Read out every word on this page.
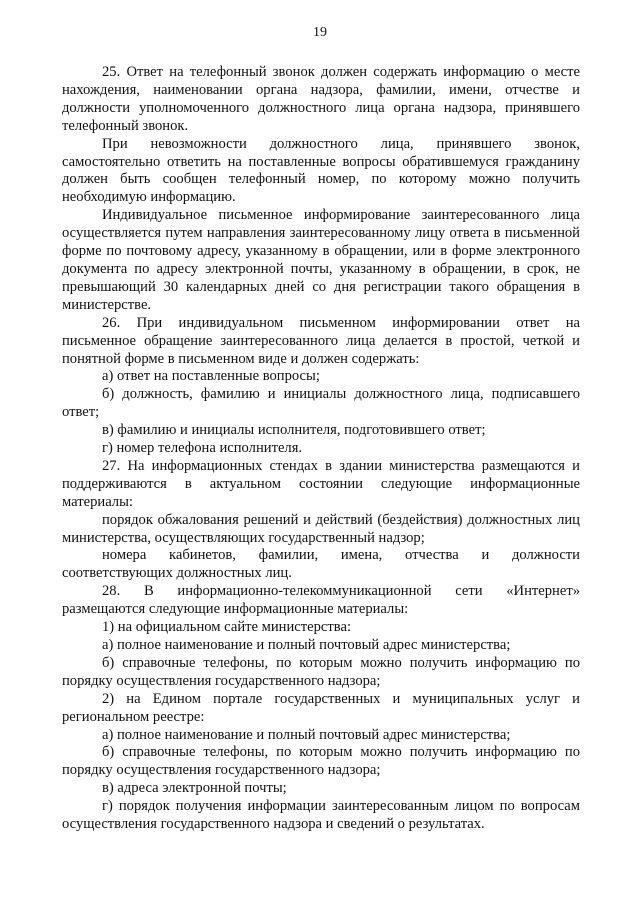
19

25. Ответ на телефонный звонок должен содержать информацию о месте нахождения, наименовании органа надзора, фамилии, имени, отчестве и должности уполномоченного должностного лица органа надзора, принявшего телефонный звонок.

При невозможности должностного лица, принявшего звонок, самостоятельно ответить на поставленные вопросы обратившемуся гражданину должен быть сообщен телефонный номер, по которому можно получить необходимую информацию.

Индивидуальное письменное информирование заинтересованного лица осуществляется путем направления заинтересованному лицу ответа в письменной форме по почтовому адресу, указанному в обращении, или в форме электронного документа по адресу электронной почты, указанному в обращении, в срок, не превышающий 30 календарных дней со дня регистрации такого обращения в министерстве.

26. При индивидуальном письменном информировании ответ на письменное обращение заинтересованного лица делается в простой, четкой и понятной форме в письменном виде и должен содержать:

а) ответ на поставленные вопросы;

б) должность, фамилию и инициалы должностного лица, подписавшего ответ;

в) фамилию и инициалы исполнителя, подготовившего ответ;

г) номер телефона исполнителя.

27. На информационных стендах в здании министерства размещаются и поддерживаются в актуальном состоянии следующие информационные материалы:

порядок обжалования решений и действий (бездействия) должностных лиц министерства, осуществляющих государственный надзор;

номера кабинетов, фамилии, имена, отчества и должности соответствующих должностных лиц.

28. В информационно-телекоммуникационной сети «Интернет» размещаются следующие информационные материалы:

1) на официальном сайте министерства:

а) полное наименование и полный почтовый адрес министерства;

б) справочные телефоны, по которым можно получить информацию по порядку осуществления государственного надзора;

2) на Едином портале государственных и муниципальных услуг и региональном реестре:

а) полное наименование и полный почтовый адрес министерства;

б) справочные телефоны, по которым можно получить информацию по порядку осуществления государственного надзора;

в) адреса электронной почты;

г) порядок получения информации заинтересованным лицом по вопросам осуществления государственного надзора и сведений о результатах.
